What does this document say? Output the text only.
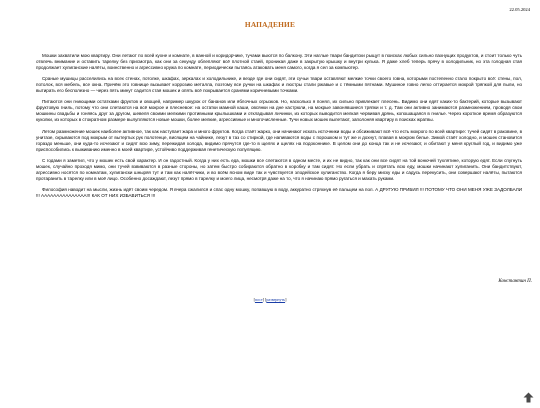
22.05.2024
НАПАДЕНИЕ

Мошки захватили мою квартиру. Они летают по всей кухне и комнате, в ванной и коридорчике, тучами выются по балкону. Эти наглые твари бандитски рыщут в поисках любых сильно пахнущих продуктов, и стоит только чуть отвлечь внимание и оставить тарелку без присмотра, как они за секунду облепляют всё плотной стаей, проникая даже в закрытую крышку и внутри кулька. Я даже хлеб теперь прячу в холодильник, но эта голодная стая продолжает хулиганские налёты, воинственно и агрессивно кружа по комнате, периодически пытаясь атаковать меня самого, когда я сел за компьютер.

Сраные мушицы расселились на всех стенах, потолке, шкафах, зеркалах и холодильнике, и везде где они сидят, эти сучьи твари оставляют мелкие точки своего говна, которыми постепенно стало покрыто всё: стены, пол, потолок, вся мебель, все окна. Причём это говнище вызывает коррозию металла, поэтому все ручки на шкафах и люстры стали ржавые и с тёмными пятнами. Мушиное говно легко оттирается мокрой тряпкой для пыли, но вытирать его бесполезно — через пять минут садится стая мошек и опять всё покрывается сранями коричневыми точками.

Питаются они гниющими остатками фруктов и овощей, например шкурок от бананов или яблочных огрызков. Но, насколько я понял, их сильно привлекает плесень. Видимо они едят каких-то бактерий, которые вызывают фруктовую гниль, потому что они слетаются на всё мокрое и плесневое: на остатки мамной каши, овсянки на дне кастрюли, на мокрые завонявшиеся тряпки и т. д. Там они активно занимаются размножением, проводя свои мошкины свадьбы и гоняясь друг за другом, шевеля своими мелкими противными крылышками и откладывая личинки, из которых выводится мелкая червивая дрянь, копошащаяся в гнилье. Через короткое время образуются куколки, из которых в стократном размере вылупляются новые мошки, более мелкие, агрессивные и многочисленные. Тучи новых мошек вылетают, заполоняя квартиру в поисках жратвы.

Летом размножение мошек наиболее активное, так как наступает жара и много фруктов. Когда стаёт жарко, они начинают искать источники воды и обсиживают всё что есть мокрого по всей квартире: тучей сидят в раковине, в унитазе, скрываются под мокрым от вытертых рук полотенце, висящем на чайнике, лезут в таз со стиркой, где напиваются воды с порошком и тут же и дохнут, плавая в мокром белье. Зимой стаёт холодно, и мошек становится гораздо меньше, они куда-то исчезают и сидят всю зиму, пережидая холода, видимо прячутся где-то в щелях и щелях на подоконнике. В целом они до конца так и не исчезают, и обитают у меня круглый год, и видимо уже приспособились к выживанию именно в моей квартире, устойчиво поддерживая генетическую популяцию.

С годами я заметил, что у мошек есть свой характер. И он гадостный. Когда у них есть еда, мошки все слетаются в одном месте, и их не видно, так как они все сидят на той вонючей тухлятине, которую едят. Если спугнуть мошек, случайно проходя мимо, они тучей взвиваются в разные стороны, но затем быстро собираются обратно в коробку и там сидят. Но если убрать и спрятать всю еду, мошки начинают хулиганить. Они бандитствуют, агрессивно носятся по комнатам, хулигански шныряя тут и там как налётчики, и во всём ясном виде так и чувствуется злодейское хулиганство. Когда я беру миску еды и садусь перекусить, они совершают налёты, пытаются протаранить в тарелку или в моё лицо. Особенно досаждают, лезут прямо в тарелку и моего лица, несмотря даже на то, что я начинаю прямо ругаться и махать руками.

Философия наводит на мысли, жизнь идёт своим чередом. Я вчера сжалился и спас одну мошку, попавшую в воду, аккуратно стряхнув её пальцем на пол. А ДРУГУЮ ПРИБИЛ !!! ПОТОМУ ЧТО ОНИ МЕНЯ УЖЕ ЗАДОЛБАЛИ !!! ААААААААААААААА!!! КАК ОТ НИХ ИЗБАВИТЬСЯ !!!

Константин П.
[пост] [развернуть]
